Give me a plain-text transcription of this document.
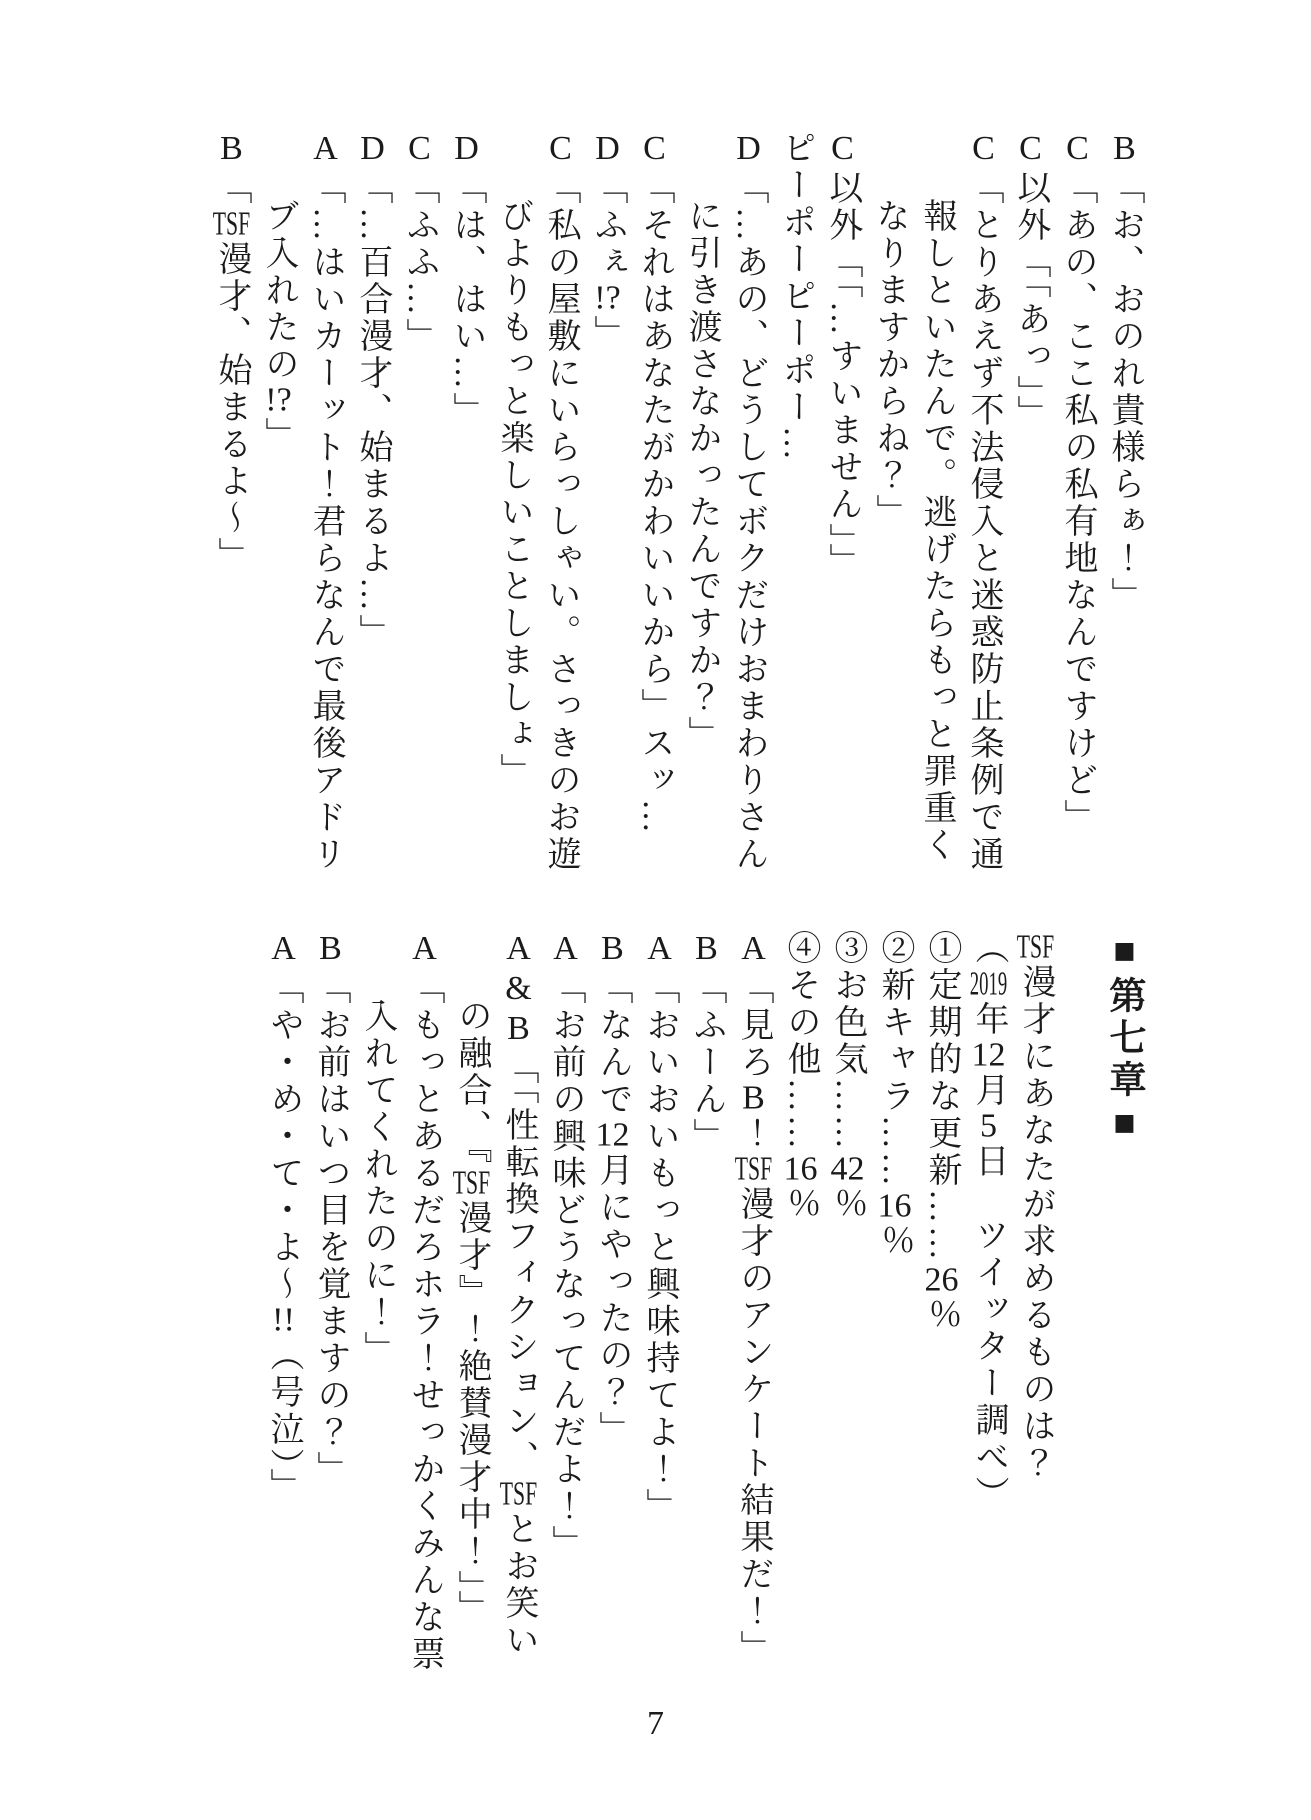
B「お、おのれ貴様らぁ！」

C「あの、ここ私の私有地なんですけど」

C以外「「あっ」」

C「とりあえず不法侵入と迷惑防止条例で通報しといたんで。逃げたらもっと罪重くなりますからね？」

C以外「「…すいません」」

ピーポーピーポー…

D「…あの、どうしてボクだけおまわりさんに引き渡さなかったんですか？」

C「それはあなたがかわいいから」スッ…

D「ふぇ!?」

C「私の屋敷にいらっしゃい。さっきのお遊びよりもっと楽しいことしましょ」

D「は、はい…」

C「ふふ…」

D「…百合漫才、始まるよ…」

A「…はいカーット！君らなんで最後アドリブ入れたの!?」

B「TSF漫才、始まるよ～」

■第七章■

TSF漫才にあなたが求めるものは？

（2019年12月5日　ツイッター調べ）

①定期的な更新……26％

②新キャラ……16％

③お色気……42％

④その他……16％

A「見ろB！TSF漫才のアンケート結果だ！」

B「ふーん」

A「おいおいもっと興味持てよ！」

B「なんで12月にやったの？」

A「お前の興味どうなってんだよ！」

A&B「「性転換フィクション、TSFとお笑いの融合、『TSF漫才』！絶賛漫才中！」」

A「もっとあるだろホラ！せっかくみんな票入れてくれたのに！」

B「お前はいつ目を覚ますの？」

A「や・め・て・よ～!!（号泣）」

7
